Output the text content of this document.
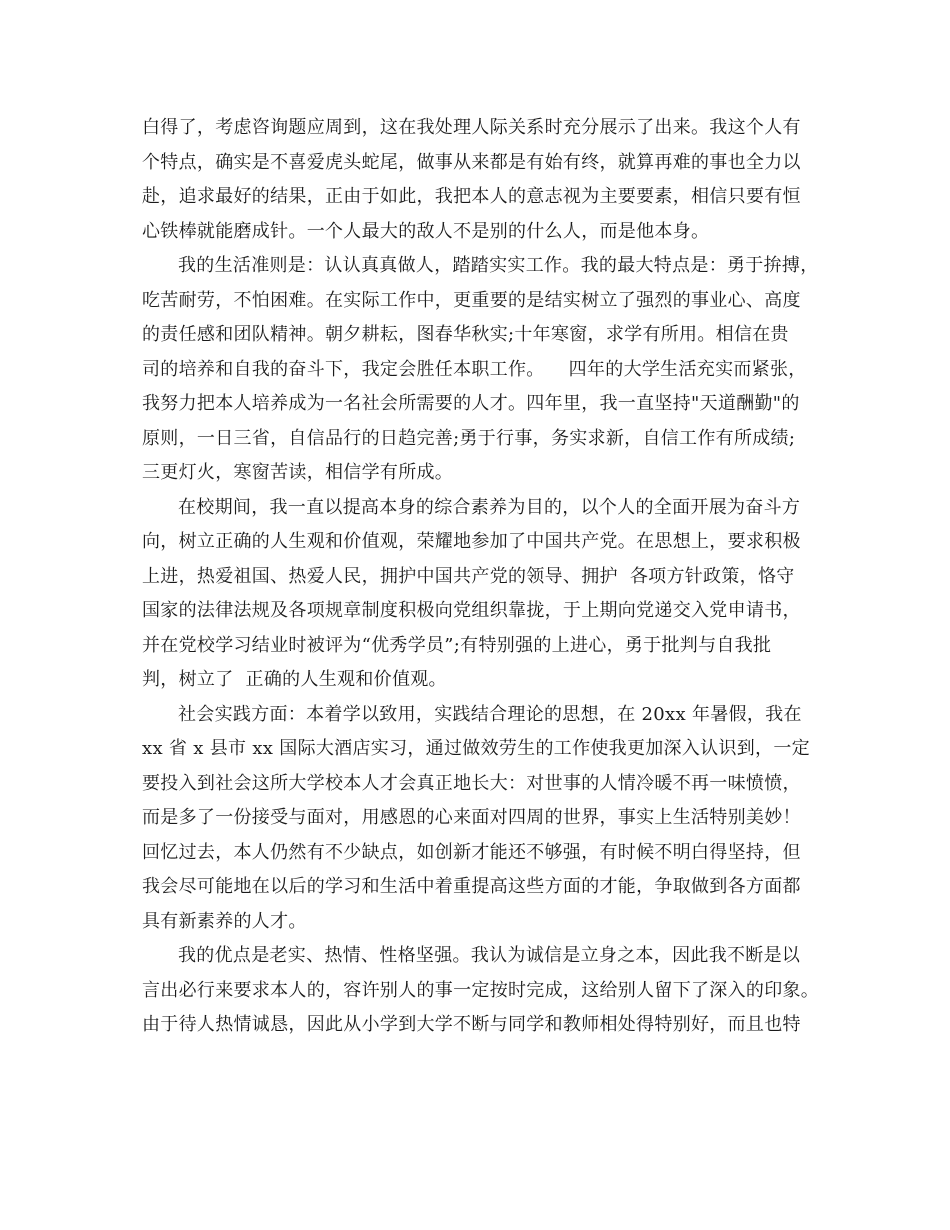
白得了，考虑咨询题应周到，这在我处理人际关系时充分展示了出来。我这个人有
个特点，确实是不喜爱虎头蛇尾，做事从来都是有始有终，就算再难的事也全力以
赴，追求最好的结果，正由于如此，我把本人的意志视为主要要素，相信只要有恒
心铁棒就能磨成针。一个人最大的敌人不是别的什么人，而是他本身。
我的生活准则是：认认真真做人，踏踏实实工作。我的最大特点是：勇于拚搏，
吃苦耐劳，不怕困难。在实际工作中，更重要的是结实树立了强烈的事业心、高度
的责任感和团队精神。朝夕耕耘，图春华秋实;十年寒窗，求学有所用。相信在贵
司的培养和自我的奋斗下，我定会胜任本职工作。    四年的大学生活充实而紧张，
我努力把本人培养成为一名社会所需要的人才。四年里，我一直坚持"天道酬勤"的
原则，一日三省，自信品行的日趋完善;勇于行事，务实求新，自信工作有所成绩;
三更灯火，寒窗苦读，相信学有所成。
在校期间，我一直以提高本身的综合素养为目的，以个人的全面开展为奋斗方
向，树立正确的人生观和价值观，荣耀地参加了中国共产党。在思想上，要求积极
上进，热爱祖国、热爱人民，拥护中国共产党的领导、拥护  各项方针政策，恪守
国家的法律法规及各项规章制度积极向党组织靠拢，于上期向党递交入党申请书，
并在党校学习结业时被评为“优秀学员”;有特别强的上进心，勇于批判与自我批
判，树立了  正确的人生观和价值观。
社会实践方面：本着学以致用，实践结合理论的思想，在 20xx 年暑假，我在
xx 省 x 县市 xx 国际大酒店实习，通过做效劳生的工作使我更加深入认识到，一定
要投入到社会这所大学校本人才会真正地长大：对世事的人情冷暖不再一味愤愤，
而是多了一份接受与面对，用感恩的心来面对四周的世界，事实上生活特别美妙！
回忆过去，本人仍然有不少缺点，如创新才能还不够强，有时候不明白得坚持，但
我会尽可能地在以后的学习和生活中着重提高这些方面的才能，争取做到各方面都
具有新素养的人才。
我的优点是老实、热情、性格坚强。我认为诚信是立身之本，因此我不断是以
言出必行来要求本人的，容许别人的事一定按时完成，这给别人留下了深入的印象。
由于待人热情诚恳，因此从小学到大学不断与同学和教师相处得特别好，而且也特
